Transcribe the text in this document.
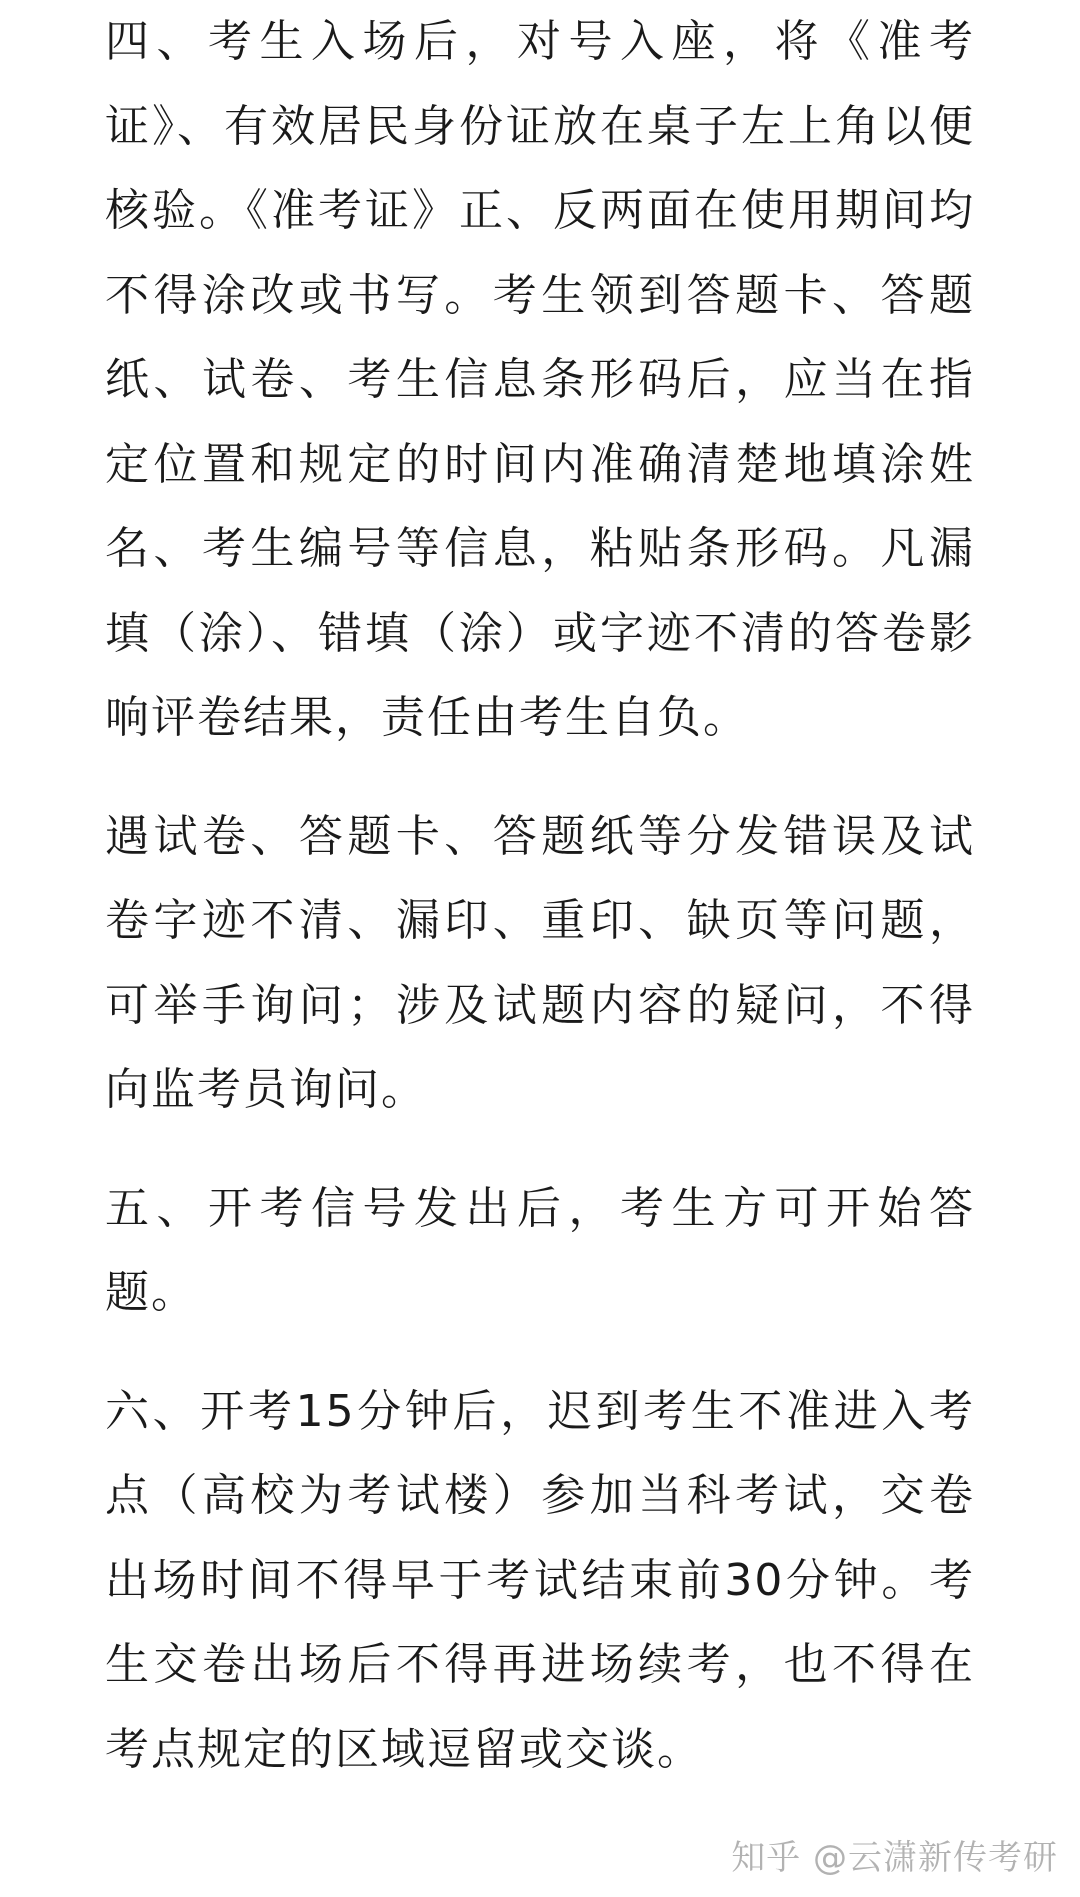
四、考生入场后，对号入座，将《准考证》、有效居民身份证放在桌子左上角以便核验。《准考证》正、反两面在使用期间均不得涂改或书写。考生领到答题卡、答题纸、试卷、考生信息条形码后，应当在指定位置和规定的时间内准确清楚地填涂姓名、考生编号等信息，粘贴条形码。凡漏填（涂）、错填（涂）或字迹不清的答卷影响评卷结果，责任由考生自负。

遇试卷、答题卡、答题纸等分发错误及试卷字迹不清、漏印、重印、缺页等问题，可举手询问；涉及试题内容的疑问，不得向监考员询问。

五、开考信号发出后，考生方可开始答题。

六、开考15分钟后，迟到考生不准进入考点（高校为考试楼）参加当科考试，交卷出场时间不得早于考试结束前30分钟。考生交卷出场后不得再进场续考，也不得在考点规定的区域逗留或交谈。

知乎 @云潇新传考研
